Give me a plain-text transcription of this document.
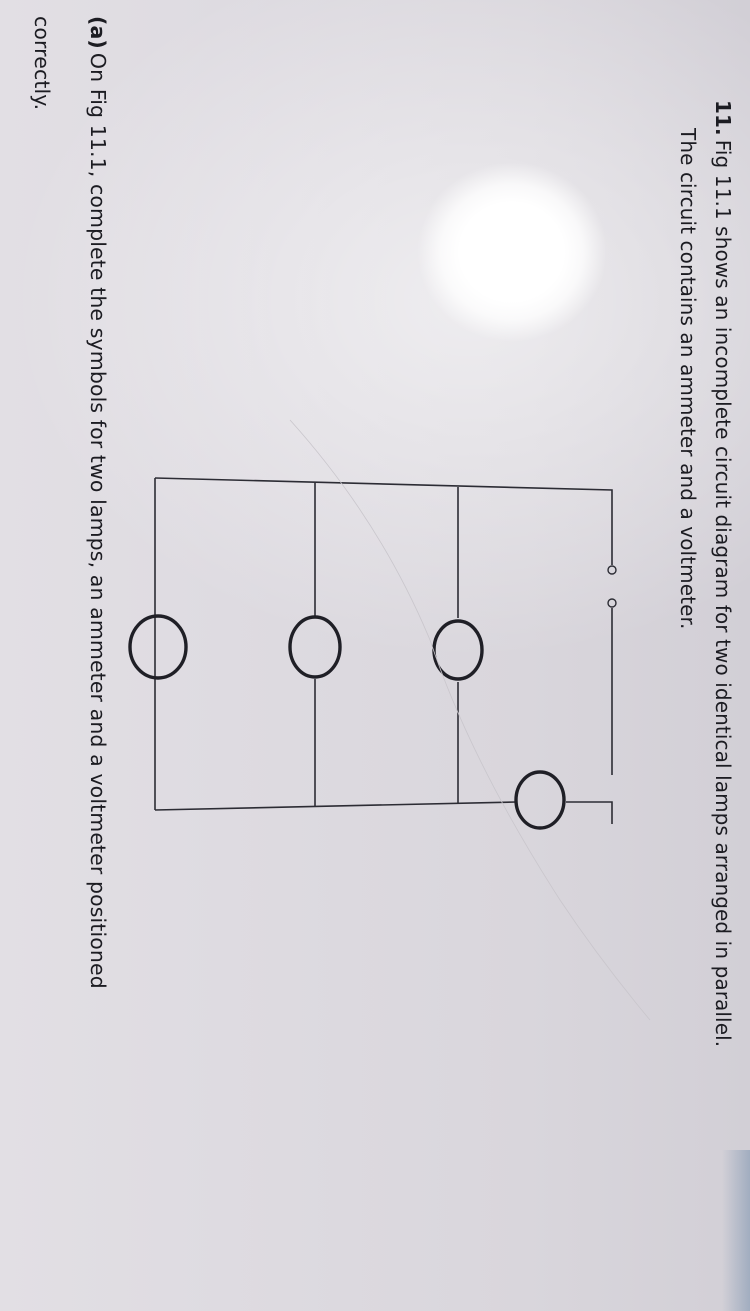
11.Fig 11.1 shows an incomplete circuit diagram for two identical lamps arranged in parallel.
The circuit contains an ammeter and a voltmeter.
(a)On Fig 11.1, complete the symbols for two lamps, an ammeter and a voltmeter positioned
correctly.
